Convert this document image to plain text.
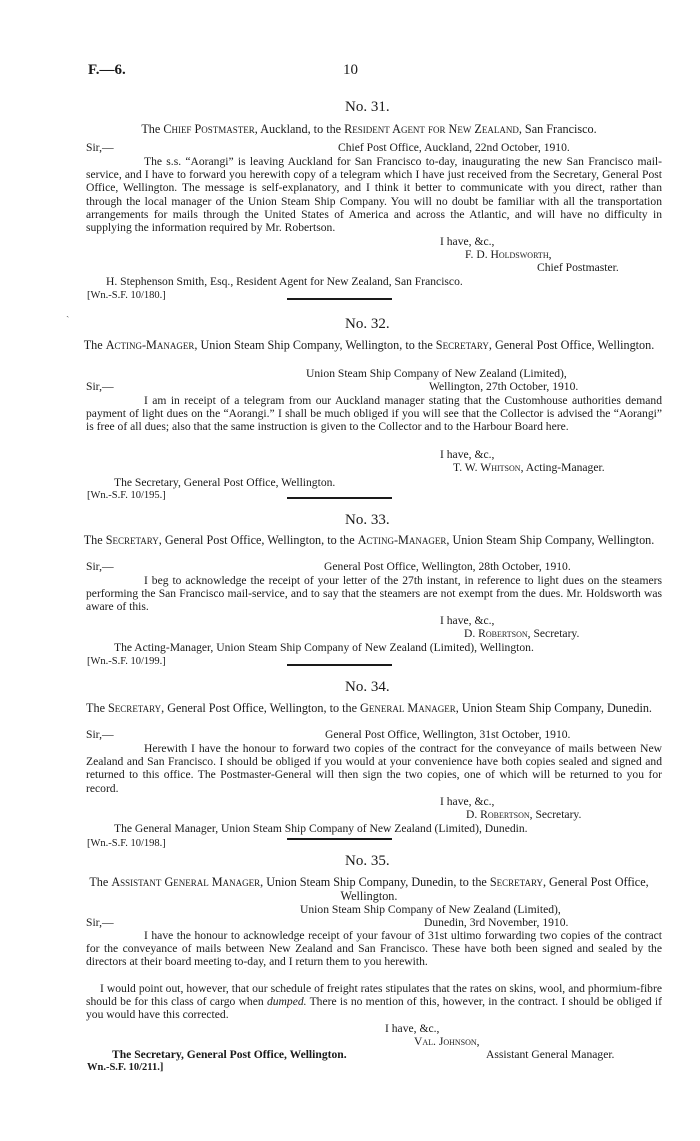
F.—6.	10
ˎ
No. 31.
The Chief Postmaster, Auckland, to the Resident Agent for New Zealand, San Francisco.
Sir,—	Chief Post Office, Auckland, 22nd October, 1910.
The s.s. “Aorangi” is leaving Auckland for San Francisco to-day, inaugurating the new San Francisco mail-service, and I have to forward you herewith copy of a telegram which I have just received from the Secretary, General Post Office, Wellington. The message is self-explanatory, and I think it better to communicate with you direct, rather than through the local manager of the Union Steam Ship Company. You will no doubt be familiar with all the transportation arrangements for mails through the United States of America and across the Atlantic, and will have no difficulty in supplying the information required by Mr. Robertson.
I have, &c.,
F. D. Holdsworth,
Chief Postmaster.
H. Stephenson Smith, Esq., Resident Agent for New Zealand, San Francisco.
[Wn.-S.F. 10/180.]
No. 32.
The Acting-Manager, Union Steam Ship Company, Wellington, to the Secretary, General Post Office, Wellington.
Union Steam Ship Company of New Zealand (Limited),
Sir,—	Wellington, 27th October, 1910.
I am in receipt of a telegram from our Auckland manager stating that the Customhouse authorities demand payment of light dues on the “Aorangi.” I shall be much obliged if you will see that the Collector is advised the “Aorangi” is free of all dues; also that the same instruction is given to the Collector and to the Harbour Board here.
I have, &c.,
T. W. Whitson, Acting-Manager.
The Secretary, General Post Office, Wellington.
[Wn.-S.F. 10/195.]
No. 33.
The Secretary, General Post Office, Wellington, to the Acting-Manager, Union Steam Ship Company, Wellington.
Sir,—	General Post Office, Wellington, 28th October, 1910.
I beg to acknowledge the receipt of your letter of the 27th instant, in reference to light dues on the steamers performing the San Francisco mail-service, and to say that the steamers are not exempt from the dues. Mr. Holdsworth was aware of this.
I have, &c.,
D. Robertson, Secretary.
The Acting-Manager, Union Steam Ship Company of New Zealand (Limited), Wellington.
[Wn.-S.F. 10/199.]
No. 34.
The Secretary, General Post Office, Wellington, to the General Manager, Union Steam Ship Company, Dunedin.
Sir,—	General Post Office, Wellington, 31st October, 1910.
Herewith I have the honour to forward two copies of the contract for the conveyance of mails between New Zealand and San Francisco. I should be obliged if you would at your convenience have both copies sealed and signed and returned to this office. The Postmaster-General will then sign the two copies, one of which will be returned to you for record.
I have, &c.,
D. Robertson, Secretary.
The General Manager, Union Steam Ship Company of New Zealand (Limited), Dunedin.
[Wn.-S.F. 10/198.]
No. 35.
The Assistant General Manager, Union Steam Ship Company, Dunedin, to the Secretary, General Post Office, Wellington.
Union Steam Ship Company of New Zealand (Limited),
Sir,—	Dunedin, 3rd November, 1910.
I have the honour to acknowledge receipt of your favour of 31st ultimo forwarding two copies of the contract for the conveyance of mails between New Zealand and San Francisco. These have both been signed and sealed by the directors at their board meeting to-day, and I return them to you herewith.
I would point out, however, that our schedule of freight rates stipulates that the rates on skins, wool, and phormium-fibre should be for this class of cargo when dumped. There is no mention of this, however, in the contract. I should be obliged if you would have this corrected.
I have, &c.,
Val. Johnson,
The Secretary, General Post Office, Wellington.	Assistant General Manager.
Wn.-S.F. 10/211.]
